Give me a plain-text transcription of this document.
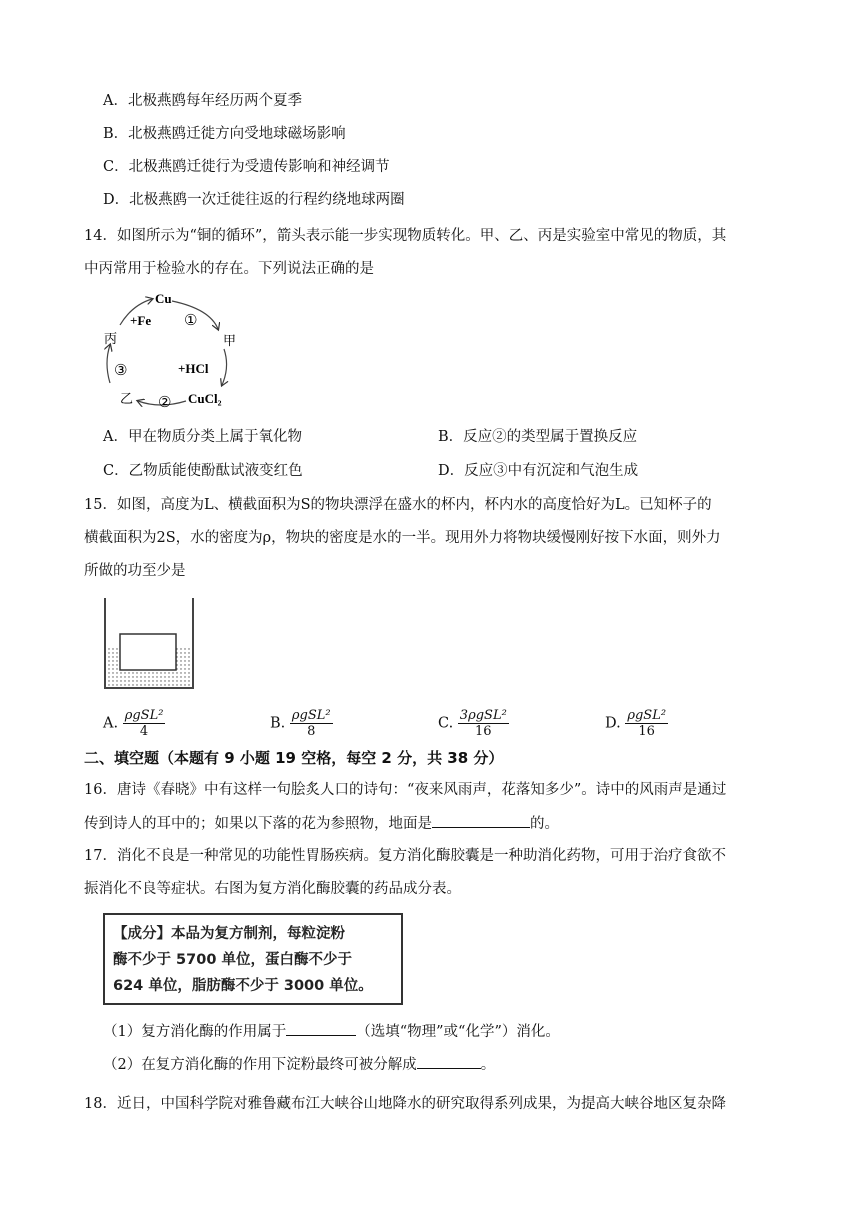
A．北极燕鸥每年经历两个夏季
B．北极燕鸥迁徙方向受地球磁场影响
C．北极燕鸥迁徙行为受遗传影响和神经调节
D．北极燕鸥一次迁徙往返的行程约绕地球两圈
14．如图所示为“铜的循环”，箭头表示能一步实现物质转化。甲、乙、丙是实验室中常见的物质，其
中丙常用于检验水的存在。下列说法正确的是
Cu
甲
CuCl₂
乙
丙
+Fe
+HCl
①
②
③
A．甲在物质分类上属于氧化物	B．反应②的类型属于置换反应
C．乙物质能使酚酞试液变红色	D．反应③中有沉淀和气泡生成
15．如图，高度为L、横截面积为S的物块漂浮在盛水的杯内，杯内水的高度恰好为L。已知杯子的
横截面积为2S，水的密度为ρ，物块的密度是水的一半。现用外力将物块缓慢刚好按下水面，则外力
所做的功至少是
A. $\frac{\text{ρgSL²}}{4}$	B. $\frac{\text{ρgSL²}}{8}$	C. $\frac{\text{3ρgSL²}}{16}$	D. $\frac{\text{ρgSL²}}{16}$
二、填空题（本题有 9 小题 19 空格，每空 2 分，共 38 分）
16．唐诗《春晓》中有这样一句脍炙人口的诗句：“夜来风雨声，花落知多少”。诗中的风雨声是通过
传到诗人的耳中的；如果以下落的花为参照物，地面是	的。
17．消化不良是一种常见的功能性胃肠疾病。复方消化酶胶囊是一种助消化药物，可用于治疗食欲不
振消化不良等症状。右图为复方消化酶胶囊的药品成分表。
【成分】本品为复方制剂，每粒淀粉
酶不少于 5700 单位，蛋白酶不少于
624 单位，脂肪酶不少于 3000 单位。
（1）复方消化酶的作用属于	（选填“物理”或“化学”）消化。
（2）在复方消化酶的作用下淀粉最终可被分解成	。
18．近日，中国科学院对雅鲁藏布江大峡谷山地降水的研究取得系列成果，为提高大峡谷地区复杂降
